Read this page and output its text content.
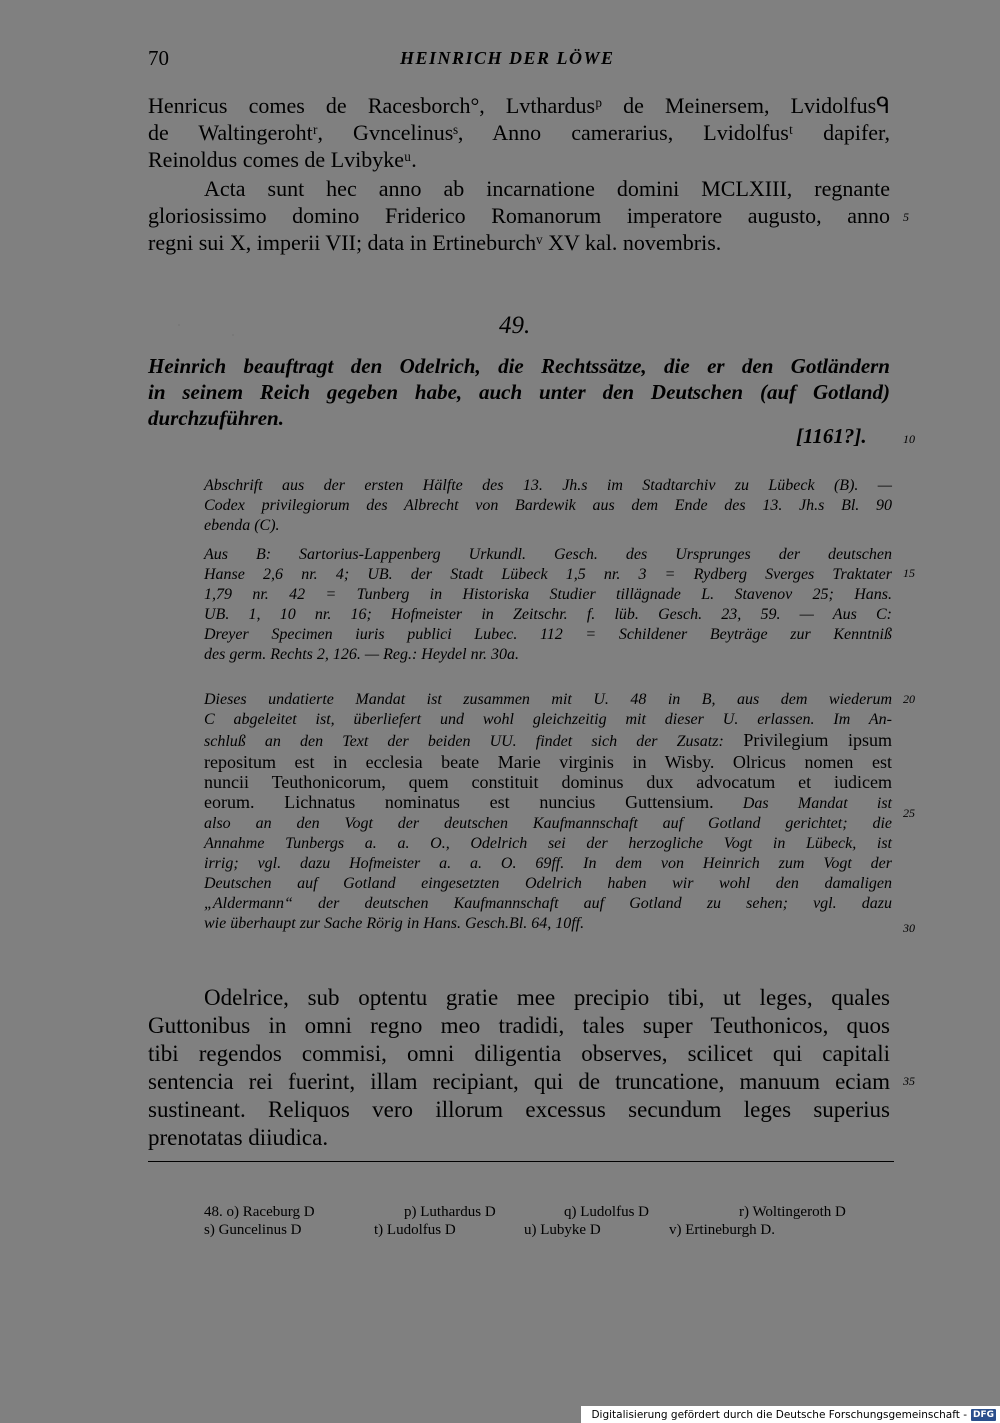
70	HEINRICH DER LÖWE
Henricus comes de Racesborch°, Lvthardusᵖ de Meinersem, Lvidolfusᑫ
de Waltingerohtʳ, Gvncelinusˢ, Anno camerarius, Lvidolfusᵗ dapifer,
Reinoldus comes de Lvibykeᵘ.
Acta sunt hec anno ab incarnatione domini MCLXIII, regnante
gloriosissimo domino Friderico Romanorum imperatore augusto, anno
regni sui X, imperii VII; data in Ertineburchᵛ XV kal. novembris.
49.
Heinrich beauftragt den Odelrich, die Rechtssätze, die er den Gotländern
in seinem Reich gegeben habe, auch unter den Deutschen (auf Gotland)
durchzuführen.
[1161?].
Abschrift aus der ersten Hälfte des 13. Jh.s im Stadtarchiv zu Lübeck (B). —
Codex privilegiorum des Albrecht von Bardewik aus dem Ende des 13. Jh.s Bl. 90
ebenda (C).
Aus B: Sartorius-Lappenberg Urkundl. Gesch. des Ursprunges der deutschen
Hanse 2,6 nr. 4; UB. der Stadt Lübeck 1,5 nr. 3 = Rydberg Sverges Traktater
1,79 nr. 42 = Tunberg in Historiska Studier tillägnade L. Stavenov 25; Hans.
UB. 1, 10 nr. 16; Hofmeister in Zeitschr. f. lüb. Gesch. 23, 59. — Aus C:
Dreyer Specimen iuris publici Lubec. 112 = Schildener Beyträge zur Kenntniß
des germ. Rechts 2, 126. — Reg.: Heydel nr. 30a.
Dieses undatierte Mandat ist zusammen mit U. 48 in B, aus dem wiederum
C abgeleitet ist, überliefert und wohl gleichzeitig mit dieser U. erlassen. Im An-
schluß an den Text der beiden UU. findet sich der Zusatz: Privilegium ipsum
repositum est in ecclesia beate Marie virginis in Wisby. Olricus nomen est
nuncii Teuthonicorum, quem constituit dominus dux advocatum et iudicem
eorum. Lichnatus nominatus est nuncius Guttensium. Das Mandat ist
also an den Vogt der deutschen Kaufmannschaft auf Gotland gerichtet; die
Annahme Tunbergs a. a. O., Odelrich sei der herzogliche Vogt in Lübeck, ist
irrig; vgl. dazu Hofmeister a. a. O. 69ff. In dem von Heinrich zum Vogt der
Deutschen auf Gotland eingesetzten Odelrich haben wir wohl den damaligen
„Aldermann“ der deutschen Kaufmannschaft auf Gotland zu sehen; vgl. dazu
wie überhaupt zur Sache Rörig in Hans. Gesch.Bl. 64, 10ff.
Odelrice, sub optentu gratie mee precipio tibi, ut leges, quales
Guttonibus in omni regno meo tradidi, tales super Teuthonicos, quos
tibi regendos commisi, omni diligentia observes, scilicet qui capitali
sentencia rei fuerint, illam recipiant, qui de truncatione, manuum eciam
sustineant. Reliquos vero illorum excessus secundum leges superius
prenotatas diiudica.
5
10
15
20
25
30
35
48. o) Raceburg D	p) Luthardus D	q) Ludolfus D	r) Woltingeroth D
s) Guncelinus D	t) Ludolfus D	u) Lubyke D	v) Ertineburgh D.
Digitalisierung gefördert durch die Deutsche Forschungsgemeinschaft - DFG
